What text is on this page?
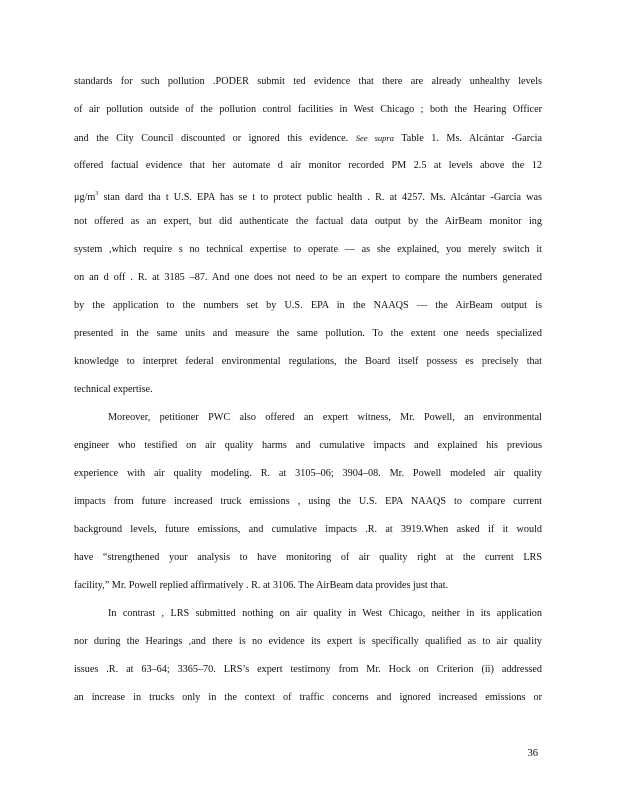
standards for such pollution .PODER submit ted evidence that there are already unhealthy levels
of air pollution outside of the pollution control facilities in West Chicago ; both the Hearing Officer
and the City Council discounted or ignored this evidence. See supra Table 1. Ms. Alcántar -Garcia
offered factual evidence that her automate d air monitor recorded PM 2.5 at levels above the 12
$\mu g/m^3$ stan dard tha t U.S. EPA has se t to protect public health . R. at 4257. Ms. Alcántar -Garcia was
not offered as an expert, but did authenticate the factual data output by the AirBeam monitor ing
system ,which require s no technical expertise to operate — as she explained, you merely switch it
on an d off . R. at 3185 –87. And one does not need to be an expert to compare the numbers generated
by the application to the numbers set by U.S. EPA in the NAAQS — the AirBeam output is
presented in the same units and measure the same pollution. To the extent one needs specialized
knowledge to interpret federal environmental regulations, the Board itself possess es precisely that
technical expertise.
Moreover, petitioner PWC also offered an expert witness, Mr. Powell, an environmental
engineer who testified on air quality harms and cumulative impacts and explained his previous
experience with air quality modeling. R. at 3105–06; 3904–08. Mr. Powell modeled air quality
impacts from future increased truck emissions , using the U.S. EPA NAAQS to compare current
background levels, future emissions, and cumulative impacts .R. at 3919.When asked if it would
have “strengthened your analysis to have monitoring of air quality right at the current LRS
facility,” Mr. Powell replied affirmatively . R. at 3106. The AirBeam data provides just that.
In contrast , LRS submitted nothing on air quality in West Chicago, neither in its application
nor during the Hearings ,and there is no evidence its expert is specifically qualified as to air quality
issues .R. at 63–64; 3365–70. LRS’s expert testimony from Mr. Hock on Criterion (ii) addressed
an increase in trucks only in the context of traffic concerns and ignored increased emissions or
36
